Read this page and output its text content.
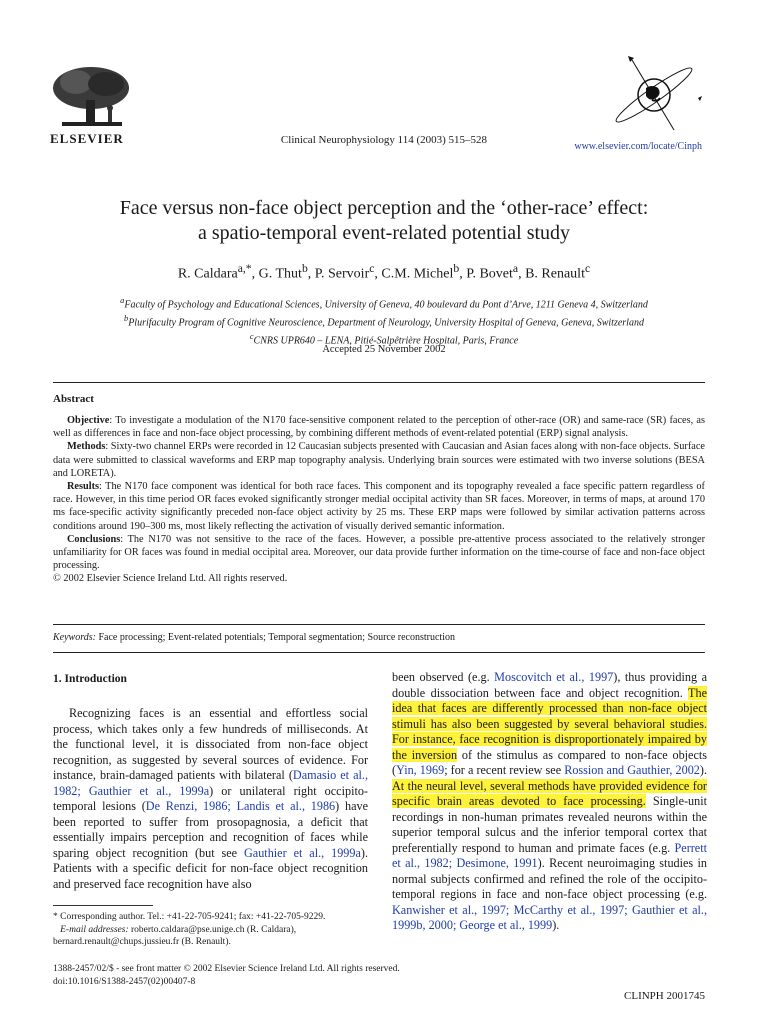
ELSEVIER	Clinical Neurophysiology 114 (2003) 515–528
www.elsevier.com/locate/Cinph
Face versus non-face object perception and the ‘other-race’ effect:
a spatio-temporal event-related potential study
R. Caldara$^{a,*}$, G. Thut$^b$, P. Servoir$^c$, C.M. Michel$^b$, P. Bovet$^a$, B. Renault$^c$
$^a$Faculty of Psychology and Educational Sciences, University of Geneva, 40 boulevard du Pont d’Arve, 1211 Geneva 4, Switzerland
$^b$Plurifaculty Program of Cognitive Neuroscience, Department of Neurology, University Hospital of Geneva, Geneva, Switzerland
$^c$CNRS UPR640 – LENA, Pitié-Salpêtrière Hospital, Paris, France
Accepted 25 November 2002
Abstract

Objective: To investigate a modulation of the N170 face-sensitive component related to the perception of other-race (OR) and same-race (SR) faces, as well as differences in face and non-face object processing, by combining different methods of event-related potential (ERP) signal analysis.

Methods: Sixty-two channel ERPs were recorded in 12 Caucasian subjects presented with Caucasian and Asian faces along with non-face objects. Surface data were submitted to classical waveforms and ERP map topography analysis. Underlying brain sources were estimated with two inverse solutions (BESA and LORETA).

Results: The N170 face component was identical for both race faces. This component and its topography revealed a face specific pattern regardless of race. However, in this time period OR faces evoked significantly stronger medial occipital activity than SR faces. Moreover, in terms of maps, at around 170 ms face-specific activity significantly preceded non-face object activity by 25 ms. These ERP maps were followed by similar activation patterns across conditions around 190–300 ms, most likely reflecting the activation of visually derived semantic information.

Conclusions: The N170 was not sensitive to the race of the faces. However, a possible pre-attentive process associated to the relatively stronger unfamiliarity for OR faces was found in medial occipital area. Moreover, our data provide further information on the time-course of face and non-face object processing.

© 2002 Elsevier Science Ireland Ltd. All rights reserved.

Keywords: Face processing; Event-related potentials; Temporal segmentation; Source reconstruction
1. Introduction
Recognizing faces is an essential and effortless social process, which takes only a few hundreds of milliseconds. At the functional level, it is dissociated from non-face object recognition, as suggested by several sources of evidence. For instance, brain-damaged patients with bilateral (Damasio et al., 1982; Gauthier et al., 1999a) or unilateral right occipito-temporal lesions (De Renzi, 1986; Landis et al., 1986) have been reported to suffer from prosopagnosia, a deficit that essentially impairs perception and recognition of faces while sparing object recognition (but see Gauthier et al., 1999a). Patients with a specific deficit for non-face object recognition and preserved face recognition have also
been observed (e.g. Moscovitch et al., 1997), thus providing a double dissociation between face and object recognition. The idea that faces are differently processed than non-face object stimuli has also been suggested by several behavioral studies. For instance, face recognition is disproportionately impaired by the inversion of the stimulus as compared to non-face objects (Yin, 1969; for a recent review see Rossion and Gauthier, 2002). At the neural level, several methods have provided evidence for specific brain areas devoted to face processing. Single-unit recordings in non-human primates revealed neurons within the superior temporal sulcus and the inferior temporal cortex that preferentially respond to human and primate faces (e.g. Perrett et al., 1982; Desimone, 1991). Recent neuroimaging studies in normal subjects confirmed and refined the role of the occipito-temporal regions in face and non-face object processing (e.g. Kanwisher et al., 1997; McCarthy et al., 1997; Gauthier et al., 1999b, 2000; George et al., 1999).

* Corresponding author. Tel.: +41-22-705-9241; fax: +41-22-705-9229.

E-mail addresses: roberto.caldara@pse.unige.ch (R. Caldara),

bernard.renault@chups.jussieu.fr (B. Renault).

1388-2457/02/$ - see front matter © 2002 Elsevier Science Ireland Ltd. All rights reserved.

doi:10.1016/S1388-2457(02)00407-8

CLINPH 2001745
